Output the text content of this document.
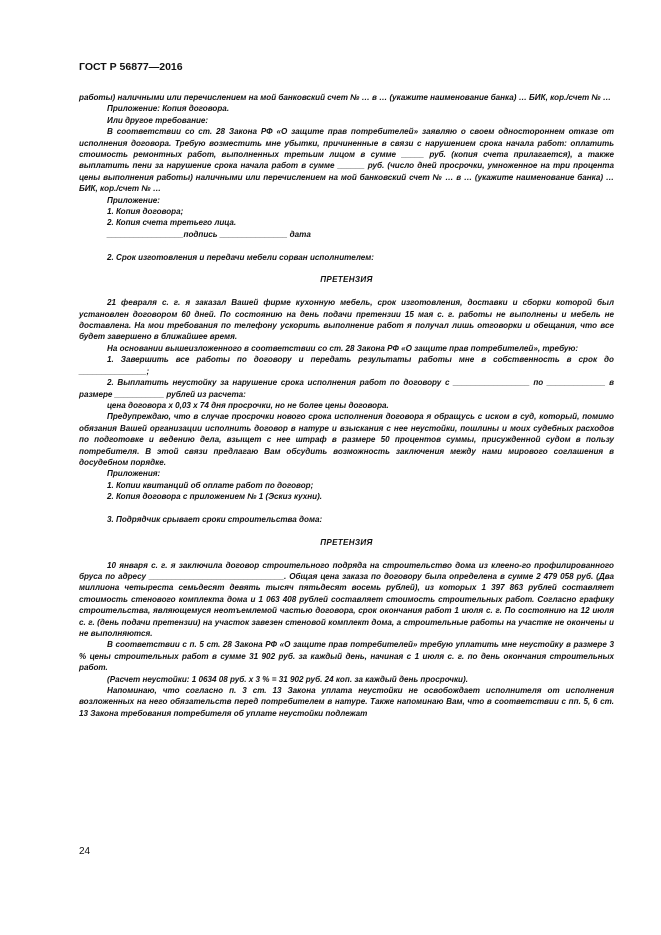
ГОСТ Р 56877—2016

работы) наличными или перечислением на мой банковский счет № … в … (укажите наименование банка) … БИК, кор./счет № …

Приложение: Копия договора.

Или другое требование:

В соответствии со ст. 28 Закона РФ «О защите прав потребителей» заявляю о своем одностороннем отказе от исполнения договора. Требую возместить мне убытки, причиненные в связи с нарушением срока начала работ: оплатить стоимость ремонтных работ, выполненных третьим лицом в сумме _____ руб. (копия счета прилагается), а также выплатить пени за нарушение срока начала работ в сумме ______ руб. (число дней просрочки, умноженное на три процента цены выполнения работы) наличными или перечислением на мой банковский счет № … в … (укажите наименование банка) … БИК, кор./счет № …

Приложение:

1. Копия договора;

2. Копия счета третьего лица.

_________________подпись _______________ дата

2. Срок изготовления и передачи мебели сорван исполнителем:

ПРЕТЕНЗИЯ

21 февраля с. г. я заказал Вашей фирме кухонную мебель, срок изготовления, доставки и сборки которой был установлен договором 60 дней. По состоянию на день подачи претензии 15 мая с. г. работы не выполнены и мебель не доставлена. На мои требования по телефону ускорить выполнение работ я получал лишь отговорки и обещания, что все будет завершено в ближайшее время.

На основании вышеизложенного в соответствии со ст. 28 Закона РФ «О защите прав потребителей», требую:

1. Завершить все работы по договору и передать результаты работы мне в собственность в срок до _______________;

2. Выплатить неустойку за нарушение срока исполнения работ по договору с _________________ по _____________ в размере ___________ рублей из расчета:

цена договора х 0,03 х 74 дня просрочки, но не более цены договора.

Предупреждаю, что в случае просрочки нового срока исполнения договора я обращусь с иском в суд, который, помимо обязания Вашей организации исполнить договор в натуре и взыскания с нее неустойки, пошлины и моих судебных расходов по подготовке и ведению дела, взыщет с нее штраф в размере 50 процентов суммы, присужденной судом в пользу потребителя. В этой связи предлагаю Вам обсудить возможность заключения между нами мирового соглашения в досудебном порядке.

Приложения:

1. Копии квитанций об оплате работ по договор;

2. Копия договора с приложением № 1 (Эскиз кухни).

3. Подрядчик срывает сроки строительства дома:

ПРЕТЕНЗИЯ

10 января с. г. я заключила договор строительного подряда на строительство дома из клеено-го профилированного бруса по адресу ______________________________. Общая цена заказа по договору была определена в сумме 2 479 058 руб. (Два миллиона четыреста семьдесят девять тысяч пятьдесят восемь рублей), из которых 1 397 863 рублей составляет стоимость стенового комплекта дома и 1 063 408 рублей составляет стоимость строительных работ. Согласно графику строительства, являющемуся неотъемлемой частью договора, срок окончания работ 1 июля с. г. По состоянию на 12 июля с. г. (день подачи претензии) на участок завезен стеновой комплект дома, а строительные работы на участке не окончены и не выполняются.

В соответствии с п. 5 ст. 28 Закона РФ «О защите прав потребителей» требую уплатить мне неустойку в размере 3 % цены строительных работ в сумме 31 902 руб. за каждый день, начиная с 1 июля с. г. по день окончания строительных работ.

(Расчет неустойки: 1 0634 08 руб. х 3 % = 31 902 руб. 24 коп. за каждый день просрочки).

Напоминаю, что согласно п. 3 ст. 13 Закона уплата неустойки не освобождает исполнителя от исполнения возложенных на него обязательств перед потребителем в натуре. Также напоминаю Вам, что в соответствии с пп. 5, 6 ст. 13 Закона требования потребителя об уплате неустойки подлежат

24
